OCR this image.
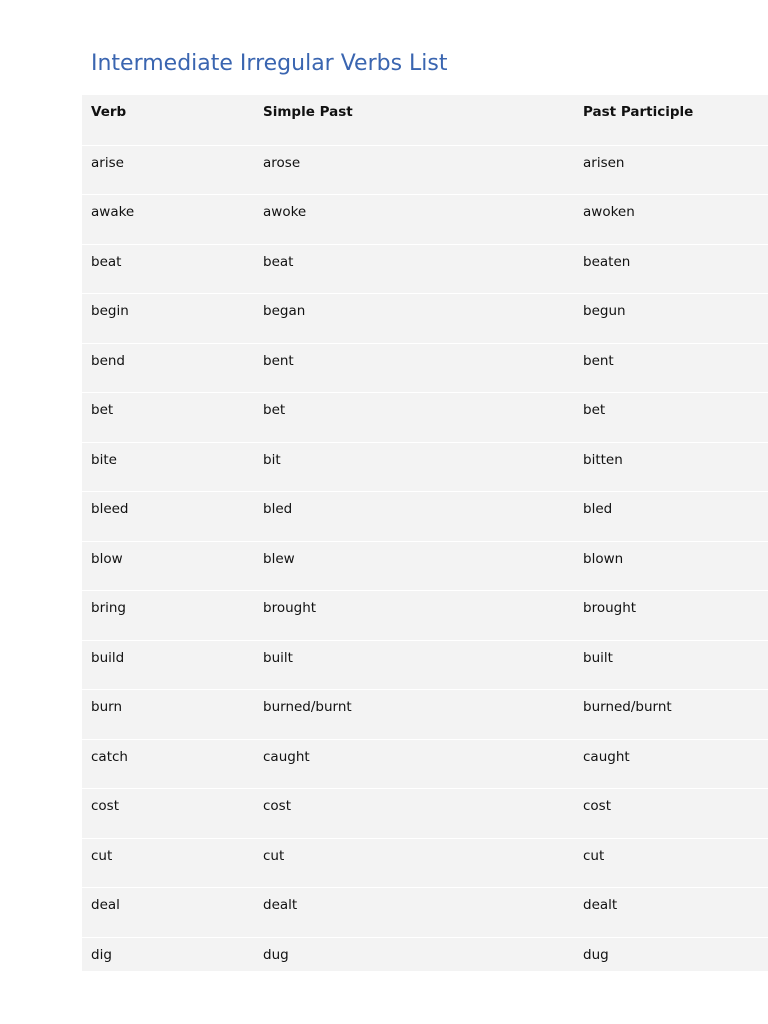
Intermediate Irregular Verbs List
Verb	Simple Past	Past Participle
arise	arose	arisen
awake	awoke	awoken
beat	beat	beaten
begin	began	begun
bend	bent	bent
bet	bet	bet
bite	bit	bitten
bleed	bled	bled
blow	blew	blown
bring	brought	brought
build	built	built
burn	burned/burnt	burned/burnt
catch	caught	caught
cost	cost	cost
cut	cut	cut
deal	dealt	dealt
dig	dug	dug
